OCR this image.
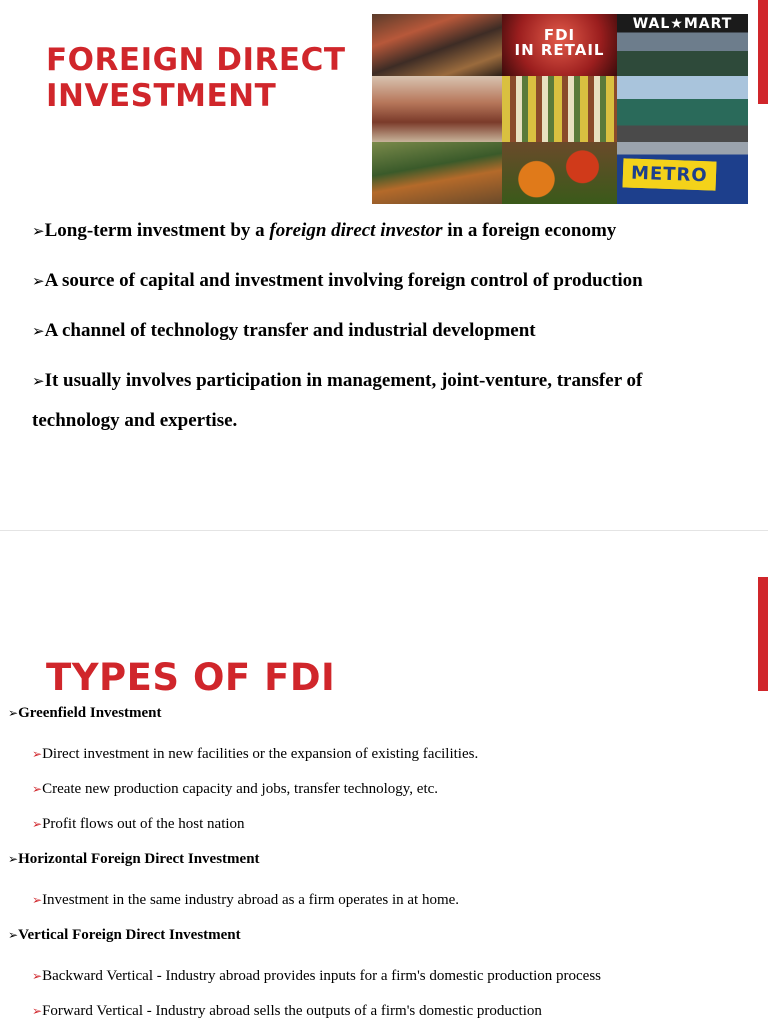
FOREIGN DIRECT INVESTMENT
FDI
IN RETAIL
WAL★MART
METRO

➢Long-term investment by a foreign direct investor in a foreign economy

➢A source of capital and investment involving foreign control of production

➢A channel of technology transfer and industrial development

➢It usually involves participation in management, joint-venture, transfer of technology and expertise.

TYPES OF FDI

➢Greenfield Investment

➢Direct investment in new facilities or the expansion of existing facilities.

➢Create new production capacity and jobs, transfer technology, etc.

➢Profit flows out of the host nation

➢Horizontal Foreign Direct Investment

➢Investment in the same industry abroad as a firm operates in at home.

➢Vertical Foreign Direct Investment

➢Backward Vertical - Industry abroad provides inputs for a firm's domestic production process

➢Forward Vertical - Industry abroad sells the outputs of a firm's domestic production
